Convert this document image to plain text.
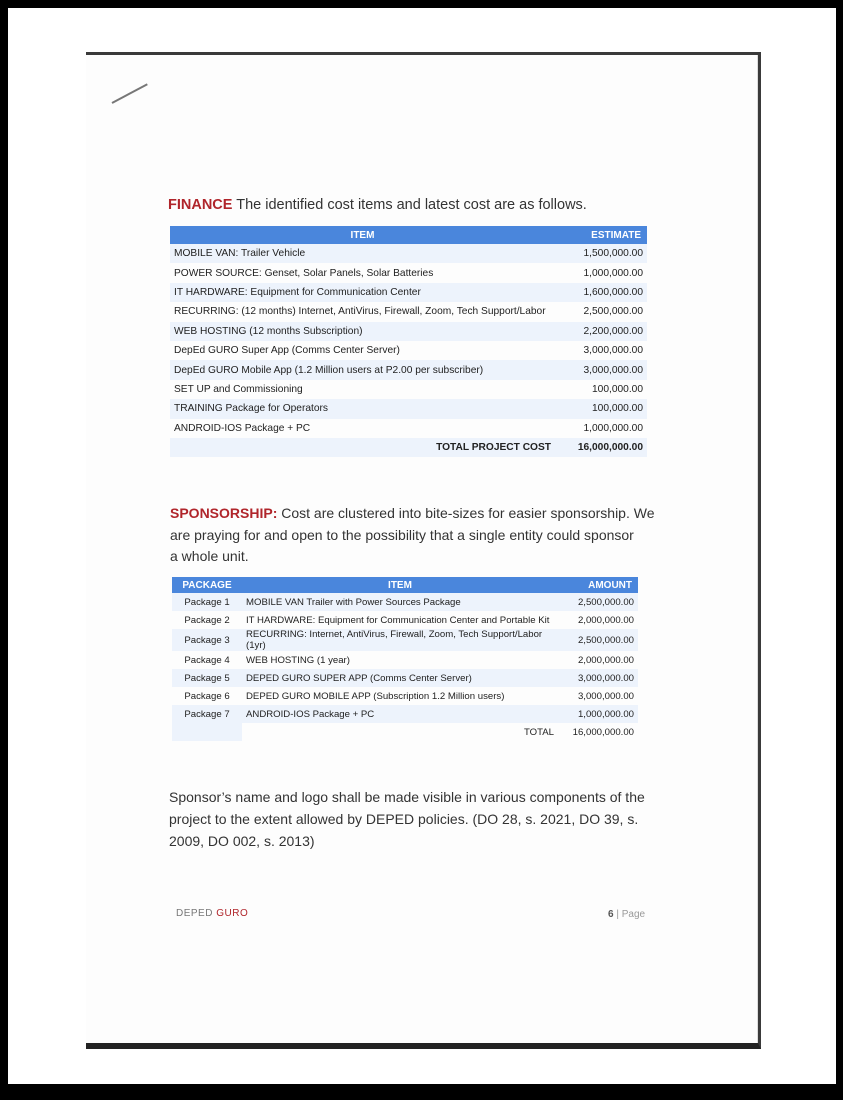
FINANCE The identified cost items and latest cost are as follows.
ITEM	ESTIMATE
MOBILE VAN: Trailer Vehicle	1,500,000.00
POWER SOURCE: Genset, Solar Panels, Solar Batteries	1,000,000.00
IT HARDWARE: Equipment for Communication Center	1,600,000.00
RECURRING: (12 months) Internet, AntiVirus, Firewall, Zoom, Tech Support/Labor	2,500,000.00
WEB HOSTING (12 months Subscription)	2,200,000.00
DepEd GURO Super App (Comms Center Server)	3,000,000.00
DepEd GURO Mobile App (1.2 Million users at P2.00 per subscriber)	3,000,000.00
SET UP and Commissioning	100,000.00
TRAINING Package for Operators	100,000.00
ANDROID-IOS Package + PC	1,000,000.00
TOTAL PROJECT COST	16,000,000.00
SPONSORSHIP: Cost are clustered into bite-sizes for easier sponsorship. We
are praying for and open to the possibility that a single entity could sponsor
a whole unit.
PACKAGE	ITEM	AMOUNT
Package 1	MOBILE VAN Trailer with Power Sources Package	2,500,000.00
Package 2	IT HARDWARE: Equipment for Communication Center and Portable Kit	2,000,000.00
Package 3	RECURRING: Internet, AntiVirus, Firewall, Zoom, Tech Support/Labor (1yr)	2,500,000.00
Package 4	WEB HOSTING (1 year)	2,000,000.00
Package 5	DEPED GURO SUPER APP (Comms Center Server)	3,000,000.00
Package 6	DEPED GURO MOBILE APP (Subscription 1.2 Million users)	3,000,000.00
Package 7	ANDROID-IOS Package + PC	1,000,000.00
	TOTAL	16,000,000.00
Sponsor’s name and logo shall be made visible in various components of the
project to the extent allowed by DEPED policies. (DO 28, s. 2021, DO 39, s.
2009, DO 002, s. 2013)
DEPED GURO	6 | Page
